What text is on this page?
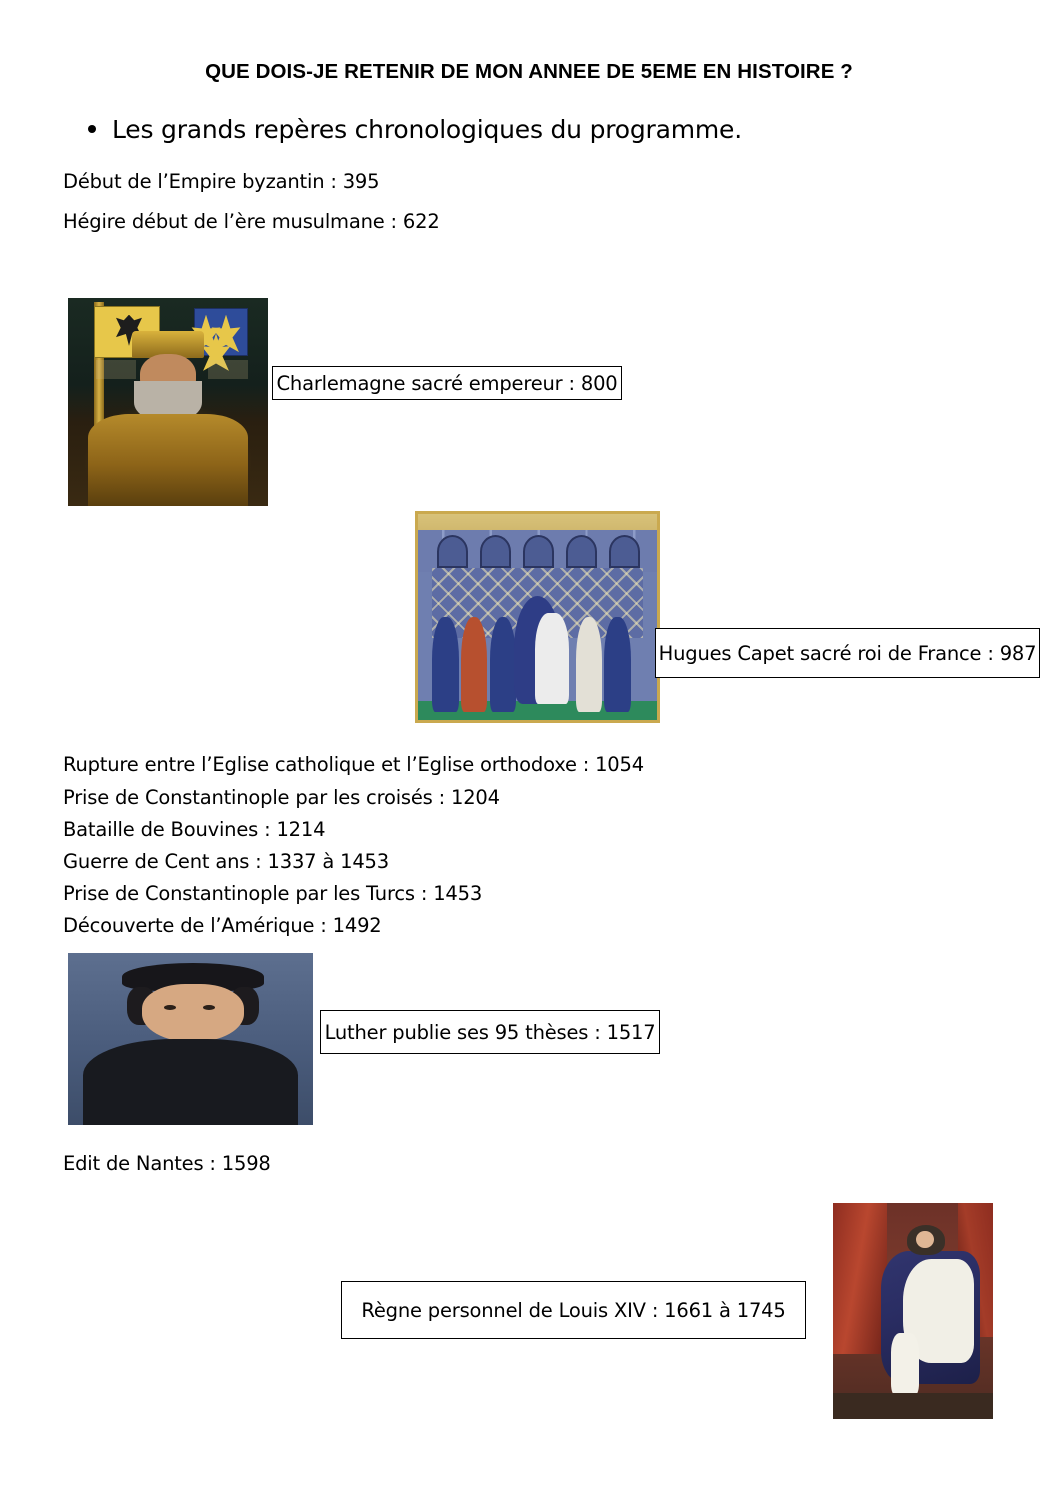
QUE DOIS-JE RETENIR DE MON ANNEE DE 5EME EN HISTOIRE ?
Les grands repères chronologiques du programme.
Début de l’Empire byzantin : 395
Hégire début de l’ère musulmane : 622
Charlemagne sacré empereur : 800
Hugues Capet sacré roi de France : 987
Rupture entre l’Eglise catholique et l’Eglise orthodoxe : 1054
Prise de Constantinople par les croisés : 1204
Bataille de Bouvines : 1214
Guerre de Cent ans : 1337 à 1453
Prise de Constantinople par les Turcs : 1453
Découverte de l’Amérique : 1492
Luther publie ses 95 thèses : 1517
Edit de Nantes : 1598
Règne personnel de Louis XIV : 1661 à 1745
